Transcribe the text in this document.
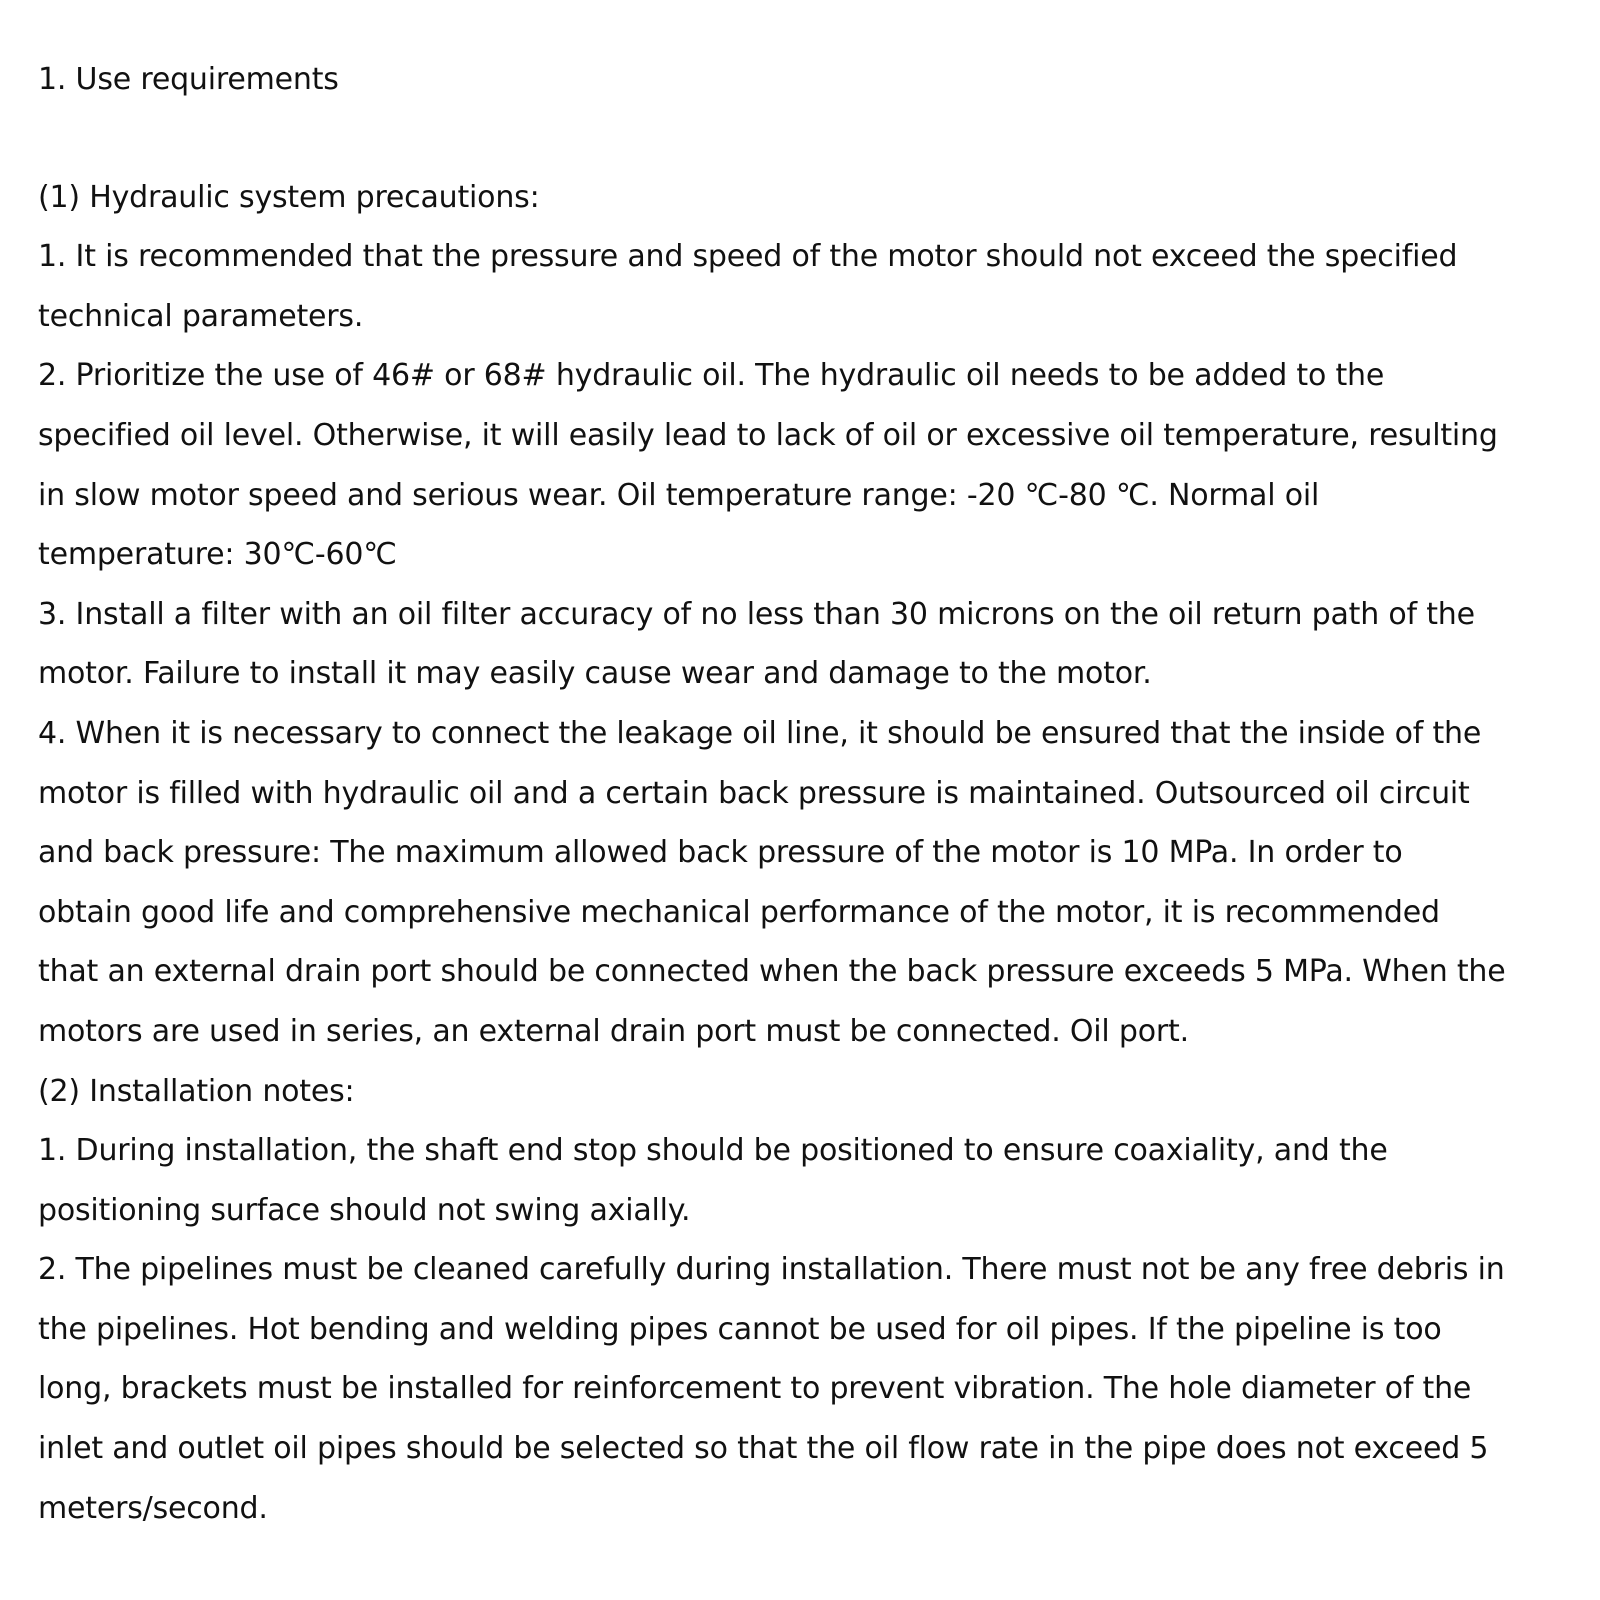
1. Use requirements
(1) Hydraulic system precautions:
1. It is recommended that the pressure and speed of the motor should not exceed the specified
technical parameters.
2. Prioritize the use of 46# or 68# hydraulic oil. The hydraulic oil needs to be added to the
specified oil level. Otherwise, it will easily lead to lack of oil or excessive oil temperature, resulting
in slow motor speed and serious wear. Oil temperature range: -20 ℃-80 ℃. Normal oil
temperature: 30℃-60℃
3. Install a filter with an oil filter accuracy of no less than 30 microns on the oil return path of the
motor. Failure to install it may easily cause wear and damage to the motor.
4. When it is necessary to connect the leakage oil line, it should be ensured that the inside of the
motor is filled with hydraulic oil and a certain back pressure is maintained. Outsourced oil circuit
and back pressure: The maximum allowed back pressure of the motor is 10 MPa. In order to
obtain good life and comprehensive mechanical performance of the motor, it is recommended
that an external drain port should be connected when the back pressure exceeds 5 MPa. When the
motors are used in series, an external drain port must be connected. Oil port.
(2) Installation notes:
1. During installation, the shaft end stop should be positioned to ensure coaxiality, and the
positioning surface should not swing axially.
2. The pipelines must be cleaned carefully during installation. There must not be any free debris in
the pipelines. Hot bending and welding pipes cannot be used for oil pipes. If the pipeline is too
long, brackets must be installed for reinforcement to prevent vibration. The hole diameter of the
inlet and outlet oil pipes should be selected so that the oil flow rate in the pipe does not exceed 5
meters/second.
